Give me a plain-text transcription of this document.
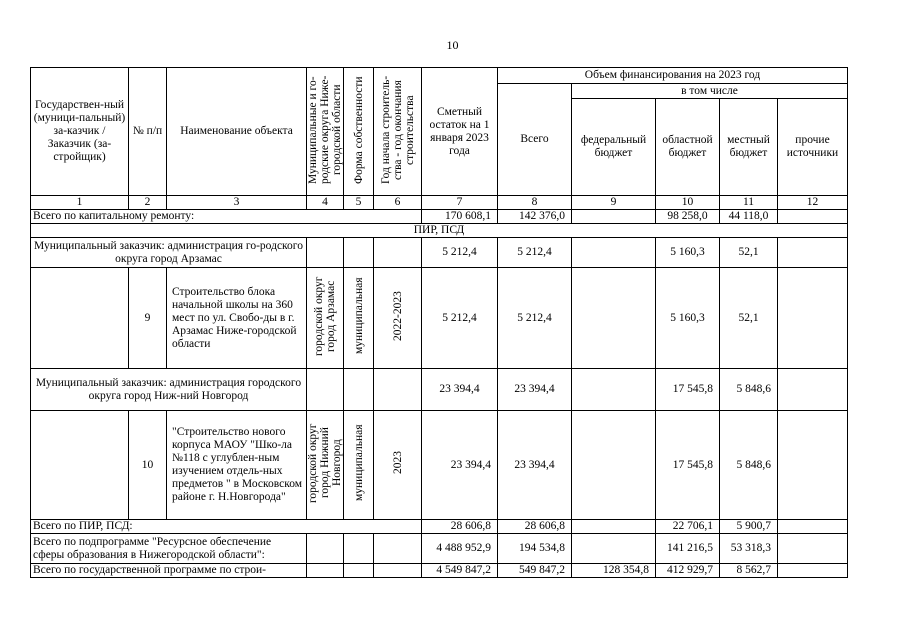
10
Государствен-ный (муници-пальный) за-казчик / Заказчик (за-стройщик)	№ п/п	Наименование объекта	Муниципальные и го-родские округа Ниже-городской области	Форма собственности	Год начала строитель-ства - год окончания строительства	Сметный остаток на 1 января 2023 года	Объем финансирования на 2023 год				
							Всего	в том числе			
								федеральный бюджет	областной бюджет	местный бюджет	прочие источники
1	2	3	4	5	6	7	8	9	10	11	12
Всего по капитальному ремонту:						170 608,1	142 376,0		98 258,0	44 118,0	
ПИР, ПСД											
Муниципальный заказчик: администрация го-родского округа город Арзамас						5 212,4	5 212,4		5 160,3	52,1	
	9	Строительство блока начальной школы на 360 мест по ул. Свобо-ды в г. Арзамас Ниже-городской области	городской округ город Арзамас	муниципальная	2022-2023	5 212,4	5 212,4		5 160,3	52,1	
Муниципальный заказчик: администрация городского округа город Ниж-ний Новгород						23 394,4	23 394,4		17 545,8	5 848,6	
	10	"Строительство нового корпуса МАОУ "Шко-ла №118 с углублен-ным изучением отдель-ных предметов " в Московском районе г. Н.Новгорода"	городской округ город Нижний Новгород	муниципальная	2023	23 394,4	23 394,4		17 545,8	5 848,6	
Всего по ПИР, ПСД:						28 606,8	28 606,8		22 706,1	5 900,7	
Всего по подпрограмме "Ресурсное обеспечение сферы образования в Нижегородской области":						4 488 952,9	194 534,8		141 216,5	53 318,3	
Всего по государственной программе по строи-						4 549 847,2	549 847,2	128 354,8	412 929,7	8 562,7	
